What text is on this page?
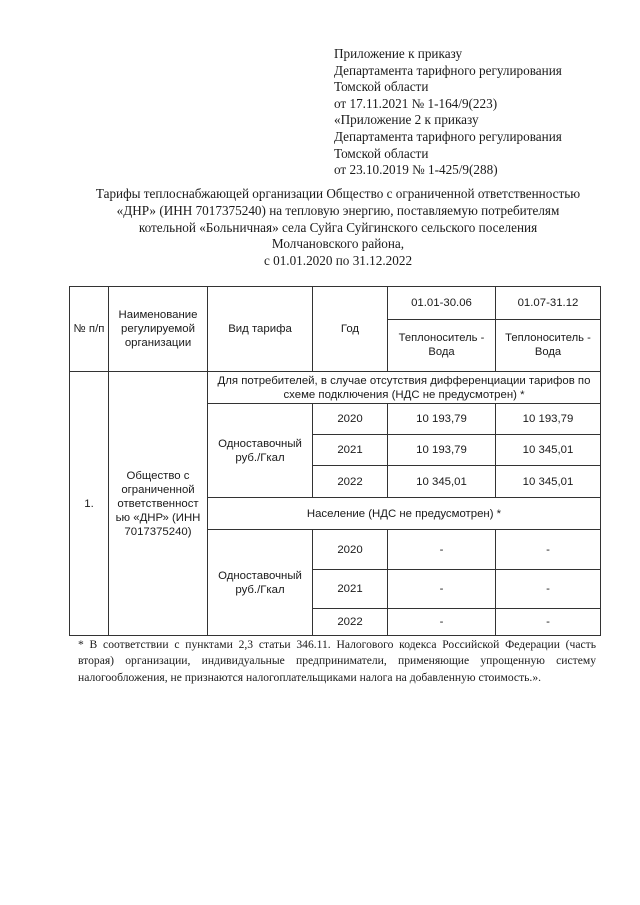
Приложение к приказу
Департамента тарифного регулирования
Томской области
от 17.11.2021 № 1-164/9(223)
«Приложение 2 к приказу
Департамента тарифного регулирования
Томской области
от 23.10.2019 № 1-425/9(288)
Тарифы теплоснабжающей организации Общество с ограниченной ответственностью
«ДНР» (ИНН 7017375240) на тепловую энергию, поставляемую потребителям
котельной «Больничная» села Суйга Суйгинского сельского поселения
Молчановского района,
с 01.01.2020 по 31.12.2022
№ п/п	Наименование регулируемой организации	Вид тарифа	Год	01.01-30.06	01.07-31.12
				Теплоноситель - Вода	Теплоноситель - Вода
1.	Общество с ограниченной ответственност ью «ДНР» (ИНН 7017375240)	Для потребителей, в случае отсутствия дифференциации тарифов по схеме подключения (НДС не предусмотрен) *			
		Одноставочный руб./Гкал	2020	10 193,79	10 193,79
			2021	10 193,79	10 345,01
			2022	10 345,01	10 345,01
		Население (НДС не предусмотрен) *			
		Одноставочный руб./Гкал	2020	-	-
			2021	-	-
			2022	-	-

* В соответствии с пунктами 2,3 статьи 346.11. Налогового кодекса Российской Федерации (часть вторая) организации, индивидуальные предприниматели, применяющие упрощенную систему налогообложения, не признаются налогоплательщиками налога на добавленную стоимость.».
